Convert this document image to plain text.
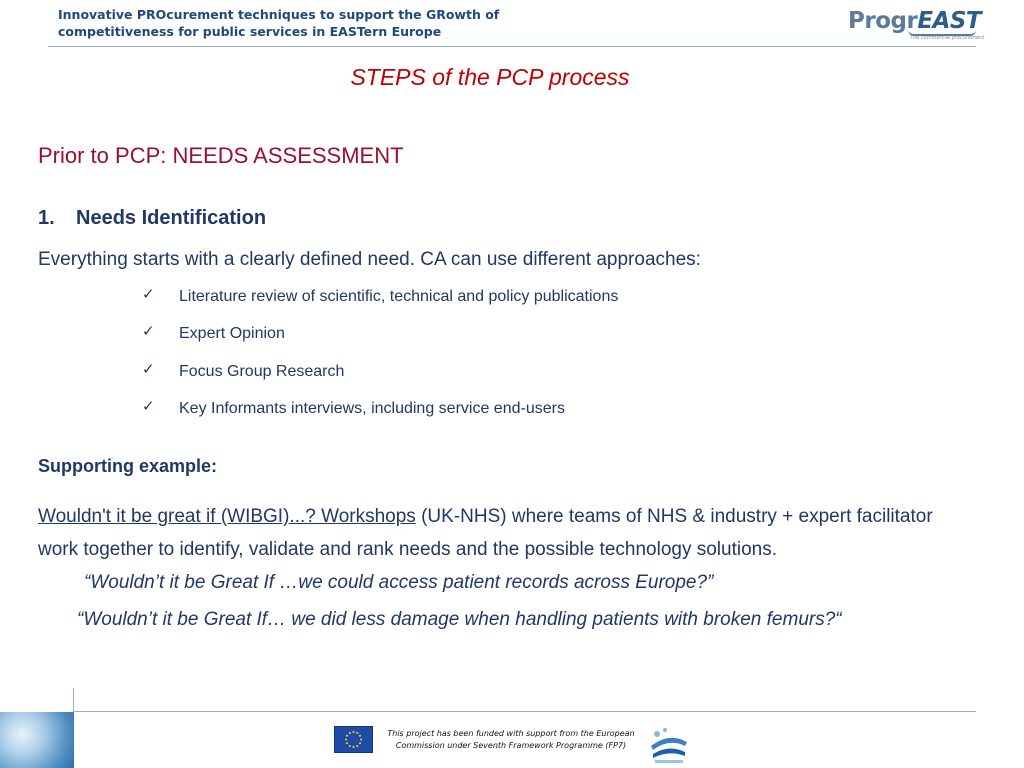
Innovative PROcurement techniques to support the GRowth of
competitiveness for public services in EASTern Europe	ProgrEAST
The commercial procurement
STEPS of the PCP process
Prior to PCP: NEEDS ASSESSMENT
1. Needs Identification
Everything starts with a clearly defined need. CA can use different approaches:
✓ Literature review of scientific, technical and policy publications
✓ Expert Opinion
✓ Focus Group Research
✓ Key Informants interviews, including service end-users
Supporting example:
Wouldn't it be great if (WIBGI)...? Workshops (UK-NHS) where teams of NHS & industry + expert facilitator work together to identify, validate and rank needs and the possible technology solutions.
“Wouldn’t it be Great If …we could access patient records across Europe?”
“Wouldn’t it be Great If… we did less damage when handling patients with broken femurs?“
This project has been funded with support from the European
Commission under Seventh Framework Programme (FP7)
